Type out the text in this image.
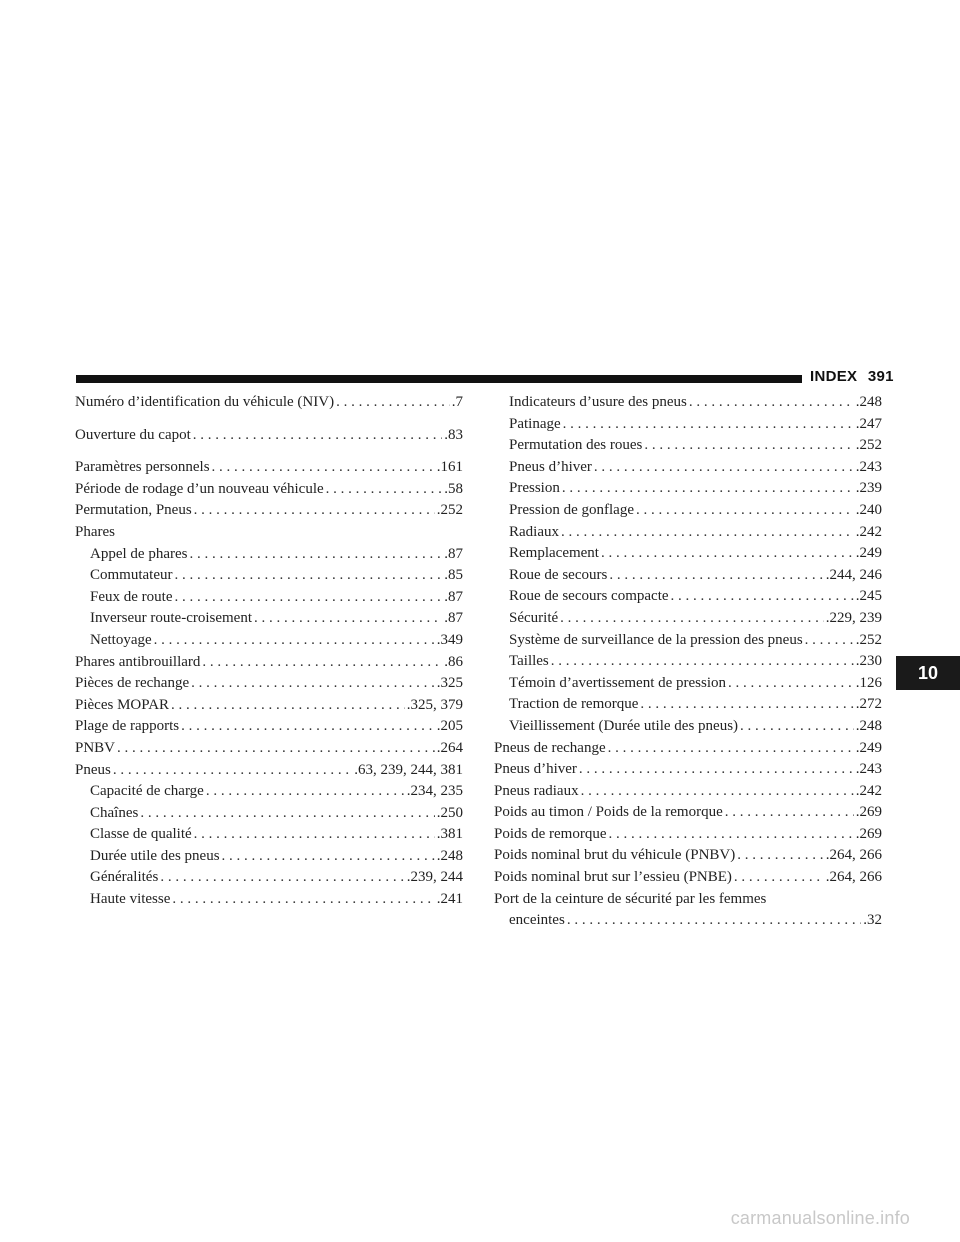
INDEX 391
10
Numéro d’identification du véhicule (NIV) . . .	.7
Ouverture du capot . . .	.83
Paramètres personnels . . .	.161
Période de rodage d’un nouveau véhicule . . .	.58
Permutation, Pneus . . .	.252
Phares
Appel de phares . . .	.87
Commutateur . . .	.85
Feux de route . . .	.87
Inverseur route-croisement . . .	.87
Nettoyage . . .	.349
Phares antibrouillard . . .	.86
Pièces de rechange . . .	.325
Pièces MOPAR . . .	.325, 379
Plage de rapports . . .	.205
PNBV . . .	.264
Pneus . . .	.63, 239, 244, 381
Capacité de charge . . .	.234, 235
Chaînes . . .	.250
Classe de qualité . . .	.381
Durée utile des pneus . . .	.248
Généralités . . .	.239, 244
Haute vitesse . . .	.241
Indicateurs d’usure des pneus . . .	.248
Patinage . . .	.247
Permutation des roues . . .	.252
Pneus d’hiver . . .	.243
Pression . . .	.239
Pression de gonflage . . .	.240
Radiaux . . .	.242
Remplacement . . .	.249
Roue de secours . . .	.244, 246
Roue de secours compacte . . .	.245
Sécurité . . .	.229, 239
Système de surveillance de la pression des pneus . . .	.252
Tailles . . .	.230
Témoin d’avertissement de pression . . .	.126
Traction de remorque . . .	.272
Vieillissement (Durée utile des pneus) . . .	.248
Pneus de rechange . . .	.249
Pneus d’hiver . . .	.243
Pneus radiaux . . .	.242
Poids au timon / Poids de la remorque . . .	.269
Poids de remorque . . .	.269
Poids nominal brut du véhicule (PNBV) . . .	.264, 266
Poids nominal brut sur l’essieu (PNBE) . . .	.264, 266
Port de la ceinture de sécurité par les femmes
enceintes . . .	.32
carmanualsonline.info
